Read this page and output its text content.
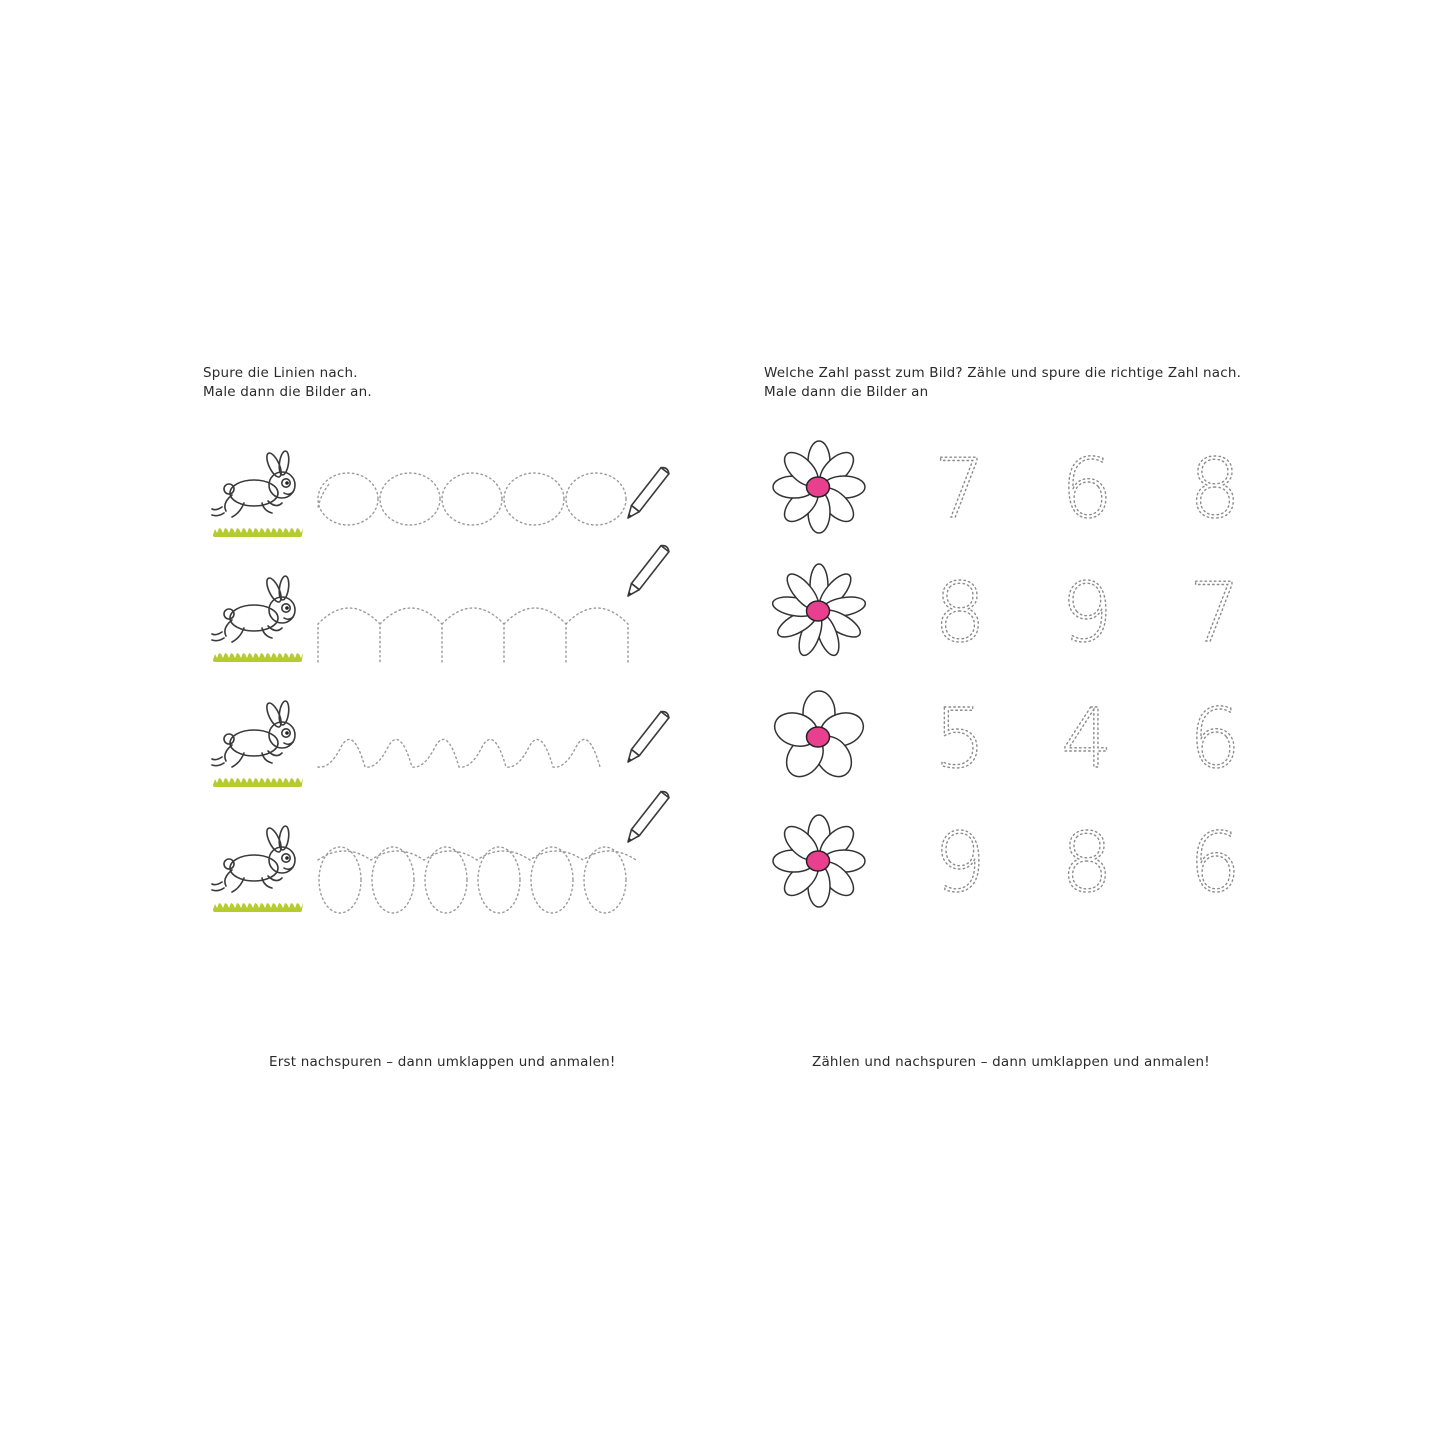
Spure die Linien nach.
Male dann die Bilder an.
Welche Zahl passt zum Bild? Zähle und spure die richtige Zahl nach.
Male dann die Bilder an
Erst nachspuren – dann umklappen und anmalen!	Zählen und nachspuren – dann umklappen und anmalen!
7 6 8
8 9 7
5 4 6
9 8 6
